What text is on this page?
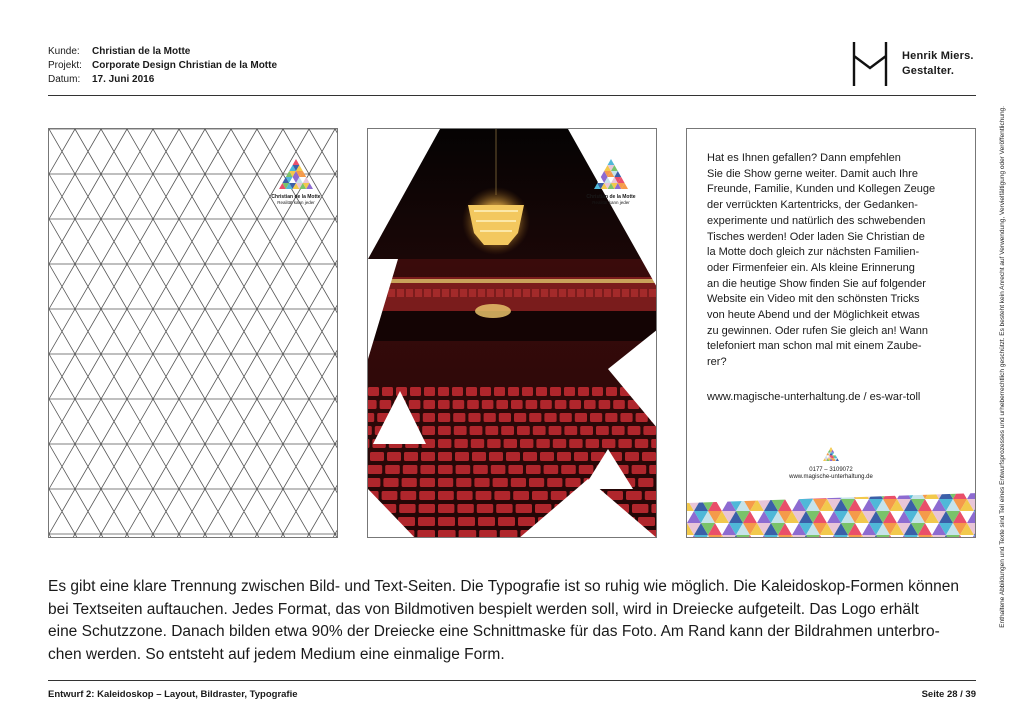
Kunde:	Christian de la Motte
Projekt:	Corporate Design Christian de la Motte
Datum:	17. Juni 2016
Henrik Miers.
Gestalter.
Christian de la Motte
Realität kann jeder
Christian de la Motte
Realität kann jeder
Hat es Ihnen gefallen? Dann empfehlen
Sie die Show gerne weiter. Damit auch Ihre
Freunde, Familie, Kunden und Kollegen Zeuge
der verrückten Kartentricks, der Gedanken-
experimente und natürlich des schwebenden
Tisches werden! Oder laden Sie Christian de
la Motte doch gleich zur nächsten Familien-
oder Firmenfeier ein. Als kleine Erinnerung
an die heutige Show finden Sie auf folgender
Website ein Video mit den schönsten Tricks
von heute Abend und der Möglichkeit etwas
zu gewinnen. Oder rufen Sie gleich an! Wann
telefoniert man schon mal mit einem Zaube-
rer?
www.magische-unterhaltung.de / es-war-toll
0177 – 3109072
www.magische-unterhaltung.de
Es gibt eine klare Trennung zwischen Bild- und Text-Seiten. Die Typografie ist so ruhig wie möglich. Die Kaleidoskop-Formen können
bei Textseiten auftauchen. Jedes Format, das von Bildmotiven bespielt werden soll, wird in Dreiecke aufgeteilt. Das Logo erhält
eine Schutzzone. Danach bilden etwa 90% der Dreiecke eine Schnittmaske für das Foto. Am Rand kann der Bildrahmen unterbro-
chen werden. So entsteht auf jedem Medium eine einmalige Form.
Entwurf 2: Kaleidoskop – Layout, Bildraster, Typografie	Seite 28 / 39
Enthaltene Abbildungen und Texte sind Teil eines Entwurfsprozesses und urheberrechtlich geschützt. Es besteht kein Anrecht auf Verwendung, Vervielfältigung oder Veröffentlichung.
